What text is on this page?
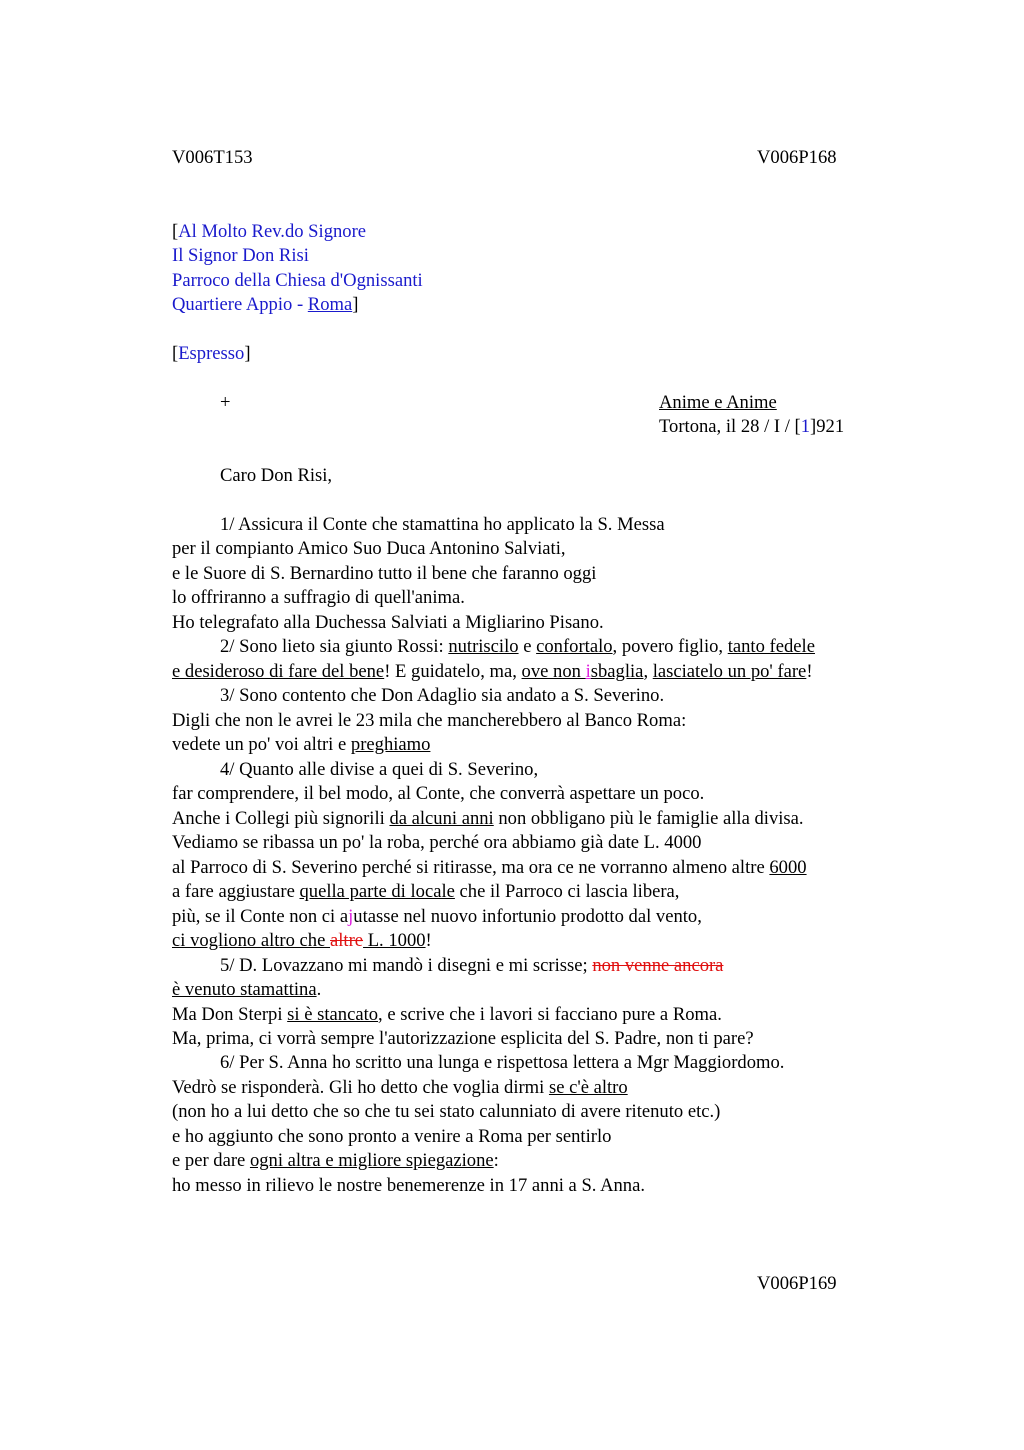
V006T153	V006P168
[Al Molto Rev.do Signore
Il Signor Don Risi
Parroco della Chiesa d'Ognissanti
Quartiere Appio - Roma]
[Espresso]
+	Anime e Anime
Tortona, il 28 / I / [1]921
Caro Don Risi,
1/ Assicura il Conte che stamattina ho applicato la S. Messa
per il compianto Amico Suo Duca Antonino Salviati,
e le Suore di S. Bernardino tutto il bene che faranno oggi
lo offriranno a suffragio di quell'anima.
Ho telegrafato alla Duchessa Salviati a Migliarino Pisano.
2/ Sono lieto sia giunto Rossi: nutriscilo e confortalo, povero figlio, tanto fedele
e desideroso di fare del bene! E guidatelo, ma, ove non isbaglia, lasciatelo un po' fare!
3/ Sono contento che Don Adaglio sia andato a S. Severino.
Digli che non le avrei le 23 mila che mancherebbero al Banco Roma:
vedete un po' voi altri e preghiamo
4/ Quanto alle divise a quei di S. Severino,
far comprendere, il bel modo, al Conte, che converrà aspettare un poco.
Anche i Collegi più signorili da alcuni anni non obbligano più le famiglie alla divisa.
Vediamo se ribassa un po' la roba, perché ora abbiamo già date L. 4000
al Parroco di S. Severino perché si ritirasse, ma ora ce ne vorranno almeno altre 6000
a fare aggiustare quella parte di locale che il Parroco ci lascia libera,
più, se il Conte non ci ajutasse nel nuovo infortunio prodotto dal vento,
ci vogliono altro che altre L. 1000!
5/ D. Lovazzano mi mandò i disegni e mi scrisse; non venne ancora
è venuto stamattina.
Ma Don Sterpi si è stancato, e scrive che i lavori si facciano pure a Roma.
Ma, prima, ci vorrà sempre l'autorizzazione esplicita del S. Padre, non ti pare?
6/ Per S. Anna ho scritto una lunga e rispettosa lettera a Mgr Maggiordomo.
Vedrò se risponderà. Gli ho detto che voglia dirmi se c'è altro
(non ho a lui detto che so che tu sei stato calunniato di avere ritenuto etc.)
e ho aggiunto che sono pronto a venire a Roma per sentirlo
e per dare ogni altra e migliore spiegazione:
ho messo in rilievo le nostre benemerenze in 17 anni a S. Anna.
V006P169
